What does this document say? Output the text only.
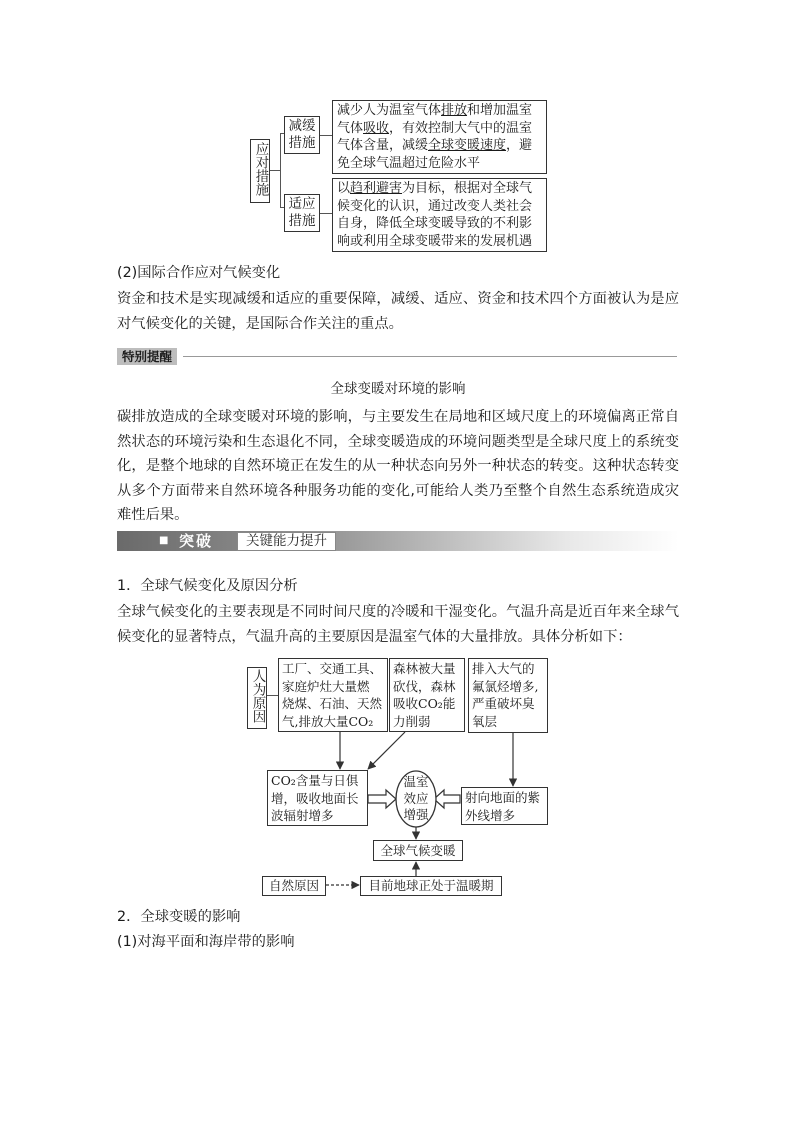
应对措施
减缓
措施
减少人为温室气体排放和增加温室
气体吸收，有效控制大气中的温室
气体含量，减缓全球变暖速度，避
免全球气温超过危险水平
适应
措施
以趋利避害为目标，根据对全球气
候变化的认识，通过改变人类社会
自身，降低全球变暖导致的不利影
响或利用全球变暖带来的发展机遇
(2)国际合作应对气候变化
资金和技术是实现减缓和适应的重要保障，减缓、适应、资金和技术四个方面被认为是应对气候变化的关键，是国际合作关注的重点。
特别提醒
全球变暖对环境的影响
碳排放造成的全球变暖对环境的影响，与主要发生在局地和区域尺度上的环境偏离正常自然状态的环境污染和生态退化不同，全球变暖造成的环境问题类型是全球尺度上的系统变化，是整个地球的自然环境正在发生的从一种状态向另外一种状态的转变。这种状态转变从多个方面带来自然环境各种服务功能的变化,可能给人类乃至整个自然生态系统造成灾难性后果。
■ 突破	关键能力提升
1．全球气候变化及原因分析
全球气候变化的主要表现是不同时间尺度的冷暖和干湿变化。气温升高是近百年来全球气候变化的显著特点，气温升高的主要原因是温室气体的大量排放。具体分析如下：
人为原因
工厂、交通工具、
家庭炉灶大量燃
烧煤、石油、天然
气,排放大量CO₂
森林被大量
砍伐，森林
吸收CO₂能
力削弱
排入大气的
氟氯烃增多,
严重破坏臭
氧层
CO₂含量与日俱
增，吸收地面长
波辐射增多
温室
效应
增强
射向地面的紫
外线增多
全球气候变暖
自然原因	目前地球正处于温暖期
2．全球变暖的影响
(1)对海平面和海岸带的影响
